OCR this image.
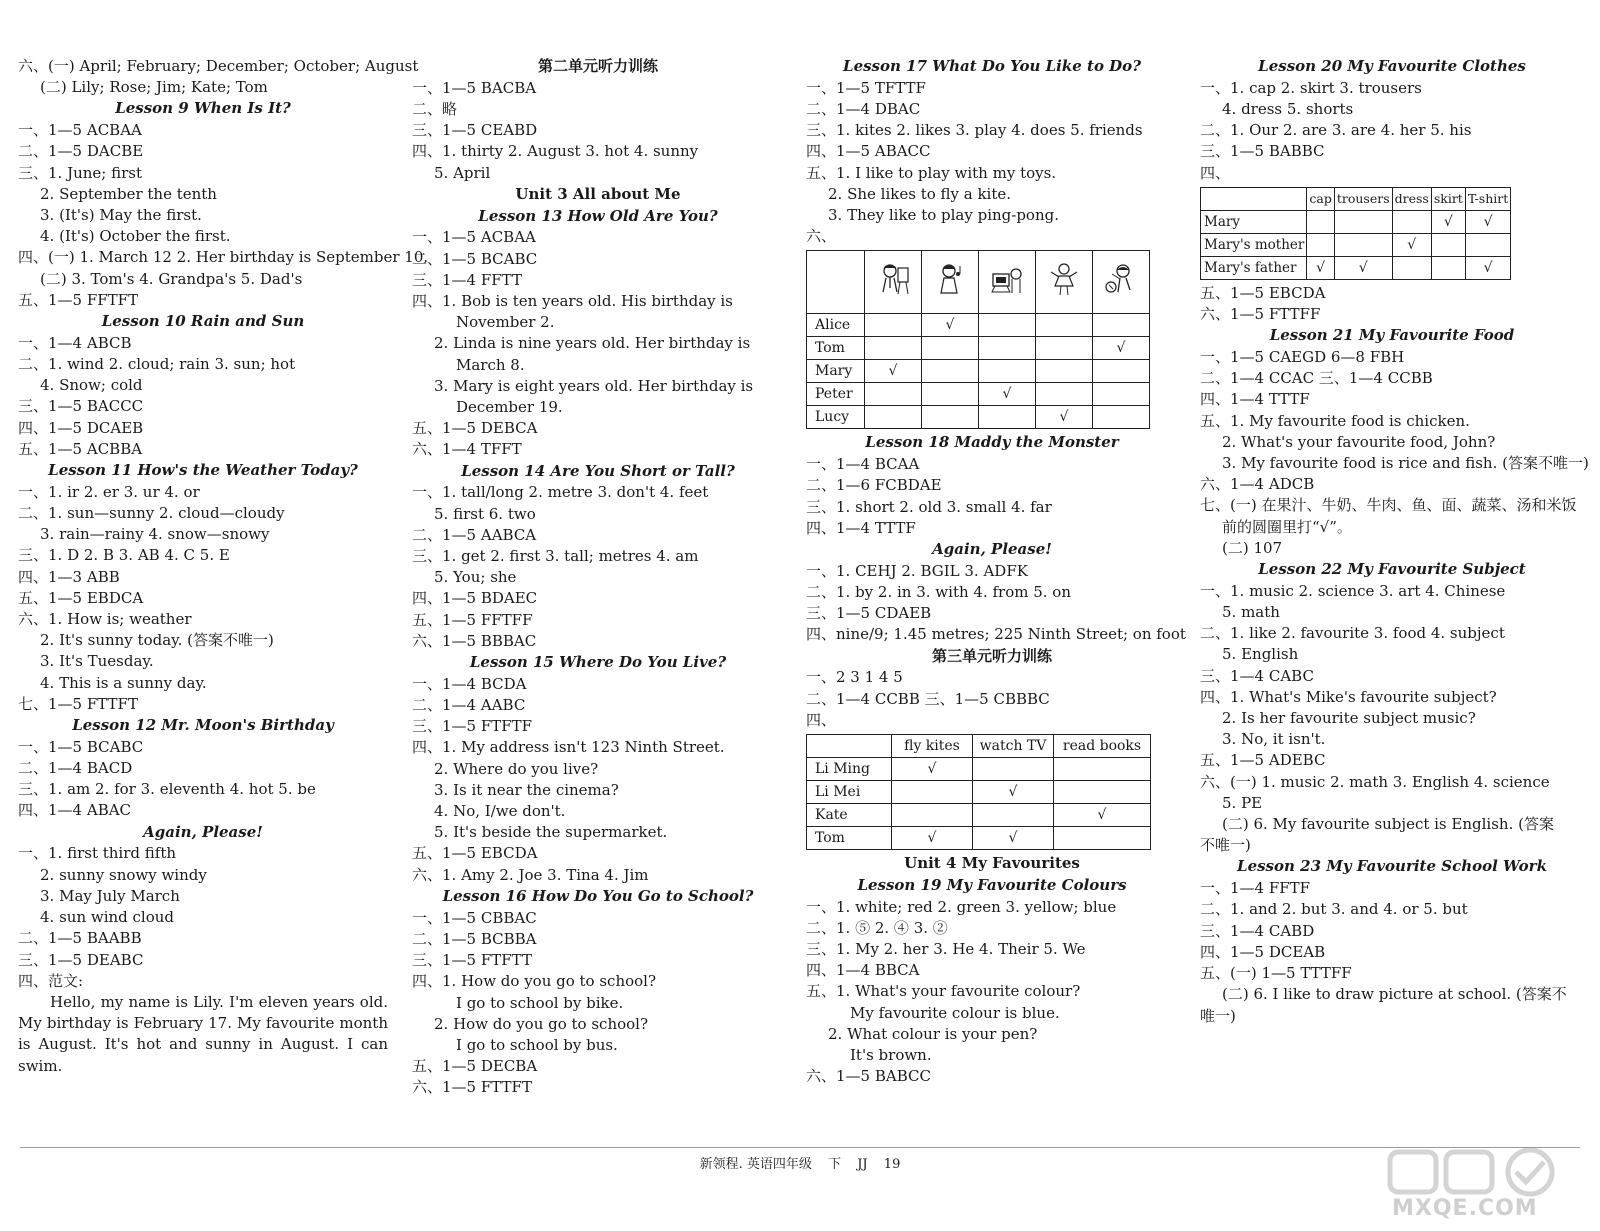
六、(一) April; February; December; October; August
(二) Lily; Rose; Jim; Kate; Tom
Lesson 9 When Is It?
一、1—5 ACBAA
二、1—5 DACBE
三、1. June; first
2. September the tenth
3. (It's) May the first.
4. (It's) October the first.
四、(一) 1. March 12 2. Her birthday is September 10.
(二) 3. Tom's 4. Grandpa's 5. Dad's
五、1—5 FFTFT
Lesson 10 Rain and Sun
一、1—4 ABCB
二、1. wind 2. cloud; rain 3. sun; hot
4. Snow; cold
三、1—5 BACCC
四、1—5 DCAEB
五、1—5 ACBBA
Lesson 11 How's the Weather Today?
一、1. ir 2. er 3. ur 4. or
二、1. sun—sunny 2. cloud—cloudy
3. rain—rainy 4. snow—snowy
三、1. D 2. B 3. AB 4. C 5. E
四、1—3 ABB
五、1—5 EBDCA
六、1. How is; weather
2. It's sunny today. (答案不唯一)
3. It's Tuesday.
4. This is a sunny day.
七、1—5 FTTFT
Lesson 12 Mr. Moon's Birthday
一、1—5 BCABC
二、1—4 BACD
三、1. am 2. for 3. eleventh 4. hot 5. be
四、1—4 ABAC
Again, Please!
一、1. first third fifth
2. sunny snowy windy
3. May July March
4. sun wind cloud
二、1—5 BAABB
三、1—5 DEABC
四、范文:
Hello, my name is Lily. I'm eleven years old. My birthday is February 17. My favourite month is August. It's hot and sunny in August. I can swim.
第二单元听力训练
一、1—5 BACBA
二、略
三、1—5 CEABD
四、1. thirty 2. August 3. hot 4. sunny
5. April
Unit 3 All about Me
Lesson 13 How Old Are You?
一、1—5 ACBAA
二、1—5 BCABC
三、1—4 FFTT
四、1. Bob is ten years old. His birthday is
November 2.
2. Linda is nine years old. Her birthday is
March 8.
3. Mary is eight years old. Her birthday is
December 19.
五、1—5 DEBCA
六、1—4 TFFT
Lesson 14 Are You Short or Tall?
一、1. tall/long 2. metre 3. don't 4. feet
5. first 6. two
二、1—5 AABCA
三、1. get 2. first 3. tall; metres 4. am
5. You; she
四、1—5 BDAEC
五、1—5 FFTFF
六、1—5 BBBAC
Lesson 15 Where Do You Live?
一、1—4 BCDA
二、1—4 AABC
三、1—5 FTFTF
四、1. My address isn't 123 Ninth Street.
2. Where do you live?
3. Is it near the cinema?
4. No, I/we don't.
5. It's beside the supermarket.
五、1—5 EBCDA
六、1. Amy 2. Joe 3. Tina 4. Jim
Lesson 16 How Do You Go to School?
一、1—5 CBBAC
二、1—5 BCBBA
三、1—5 FTFTT
四、1. How do you go to school?
I go to school by bike.
2. How do you go to school?
I go to school by bus.
五、1—5 DECBA
六、1—5 FTTFT
Lesson 17 What Do You Like to Do?
一、1—5 TFTTF
二、1—4 DBAC
三、1. kites 2. likes 3. play 4. does 5. friends
四、1—5 ABACC
五、1. I like to play with my toys.
2. She likes to fly a kite.
3. They like to play ping-pong.
六、

Alice		√			
Tom					√
Mary	√				
Peter			√		
Lucy				√	
Lesson 18 Maddy the Monster
一、1—4 BCAA
二、1—6 FCBDAE
三、1. short 2. old 3. small 4. far
四、1—4 TTTF
Again, Please!
一、1. CEHJ 2. BGIL 3. ADFK
二、1. by 2. in 3. with 4. from 5. on
三、1—5 CDAEB
四、nine/9; 1.45 metres; 225 Ninth Street; on foot
第三单元听力训练
一、2 3 1 4 5
二、1—4 CCBB 三、1—5 CBBBC
四、
	fly kites	watch TV	read books
Li Ming	√		
Li Mei		√	
Kate			√
Tom	√	√	
Unit 4 My Favourites
Lesson 19 My Favourite Colours
一、1. white; red 2. green 3. yellow; blue
二、1. ⑤ 2. ④ 3. ②
三、1. My 2. her 3. He 4. Their 5. We
四、1—4 BBCA
五、1. What's your favourite colour?
My favourite colour is blue.
2. What colour is your pen?
It's brown.
六、1—5 BABCC
Lesson 20 My Favourite Clothes
一、1. cap 2. skirt 3. trousers
4. dress 5. shorts
二、1. Our 2. are 3. are 4. her 5. his
三、1—5 BABBC
四、
	cap	trousers	dress	skirt	T-shirt
Mary				√	√
Mary's mother			√		
Mary's father	√	√			√
五、1—5 EBCDA
六、1—5 FTTFF
Lesson 21 My Favourite Food
一、1—5 CAEGD 6—8 FBH
二、1—4 CCAC 三、1—4 CCBB
四、1—4 TTTF
五、1. My favourite food is chicken.
2. What's your favourite food, John?
3. My favourite food is rice and fish. (答案不唯一)
六、1—4 ADCB
七、(一) 在果汁、牛奶、牛肉、鱼、面、蔬菜、汤和米饭
前的圆圈里打“√”。
(二) 107
Lesson 22 My Favourite Subject
一、1. music 2. science 3. art 4. Chinese
5. math
二、1. like 2. favourite 3. food 4. subject
5. English
三、1—4 CABC
四、1. What's Mike's favourite subject?
2. Is her favourite subject music?
3. No, it isn't.
五、1—5 ADEBC
六、(一) 1. music 2. math 3. English 4. science
5. PE
(二) 6. My favourite subject is English. (答案
不唯一)
Lesson 23 My Favourite School Work
一、1—4 FFTF
二、1. and 2. but 3. and 4. or 5. but
三、1—4 CABD
四、1—5 DCEAB
五、(一) 1—5 TTTFF
(二) 6. I like to draw picture at school. (答案不
唯一)
新领程. 英语四年级 下 JJ 19
MXQE.COM
